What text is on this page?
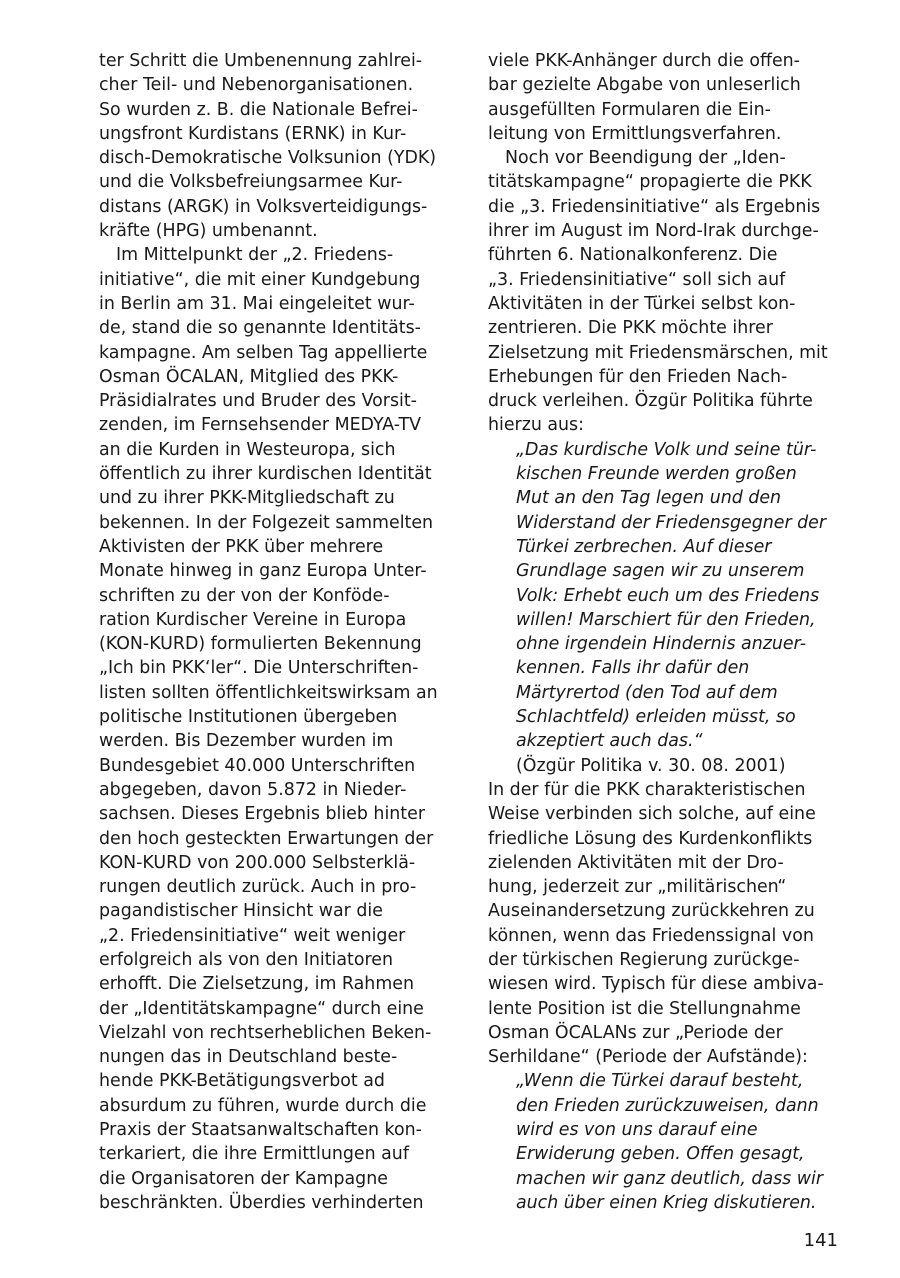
ter Schritt die Umbenennung zahlrei-
cher Teil- und Nebenorganisationen.
So wurden z. B. die Nationale Befrei-
ungsfront Kurdistans (ERNK) in Kur-
disch-Demokratische Volksunion (YDK)
und die Volksbefreiungsarmee Kur-
distans (ARGK) in Volksverteidigungs-
kräfte (HPG) umbenannt.
Im Mittelpunkt der „2. Friedens-
initiative“, die mit einer Kundgebung
in Berlin am 31. Mai eingeleitet wur-
de, stand die so genannte Identitäts-
kampagne. Am selben Tag appellierte
Osman ÖCALAN, Mitglied des PKK-
Präsidialrates und Bruder des Vorsit-
zenden, im Fernsehsender MEDYA-TV
an die Kurden in Westeuropa, sich
öffentlich zu ihrer kurdischen Identität
und zu ihrer PKK-Mitgliedschaft zu
bekennen. In der Folgezeit sammelten
Aktivisten der PKK über mehrere
Monate hinweg in ganz Europa Unter-
schriften zu der von der Konföde-
ration Kurdischer Vereine in Europa
(KON-KURD) formulierten Bekennung
„Ich bin PKK‘ler“. Die Unterschriften-
listen sollten öffentlichkeitswirksam an
politische Institutionen übergeben
werden. Bis Dezember wurden im
Bundesgebiet 40.000 Unterschriften
abgegeben, davon 5.872 in Nieder-
sachsen. Dieses Ergebnis blieb hinter
den hoch gesteckten Erwartungen der
KON-KURD von 200.000 Selbsterklä-
rungen deutlich zurück. Auch in pro-
pagandistischer Hinsicht war die
„2. Friedensinitiative“ weit weniger
erfolgreich als von den Initiatoren
erhofft. Die Zielsetzung, im Rahmen
der „Identitätskampagne“ durch eine
Vielzahl von rechtserheblichen Beken-
nungen das in Deutschland beste-
hende PKK-Betätigungsverbot ad
absurdum zu führen, wurde durch die
Praxis der Staatsanwaltschaften kon-
terkariert, die ihre Ermittlungen auf
die Organisatoren der Kampagne
beschränkten. Überdies verhinderten
viele PKK-Anhänger durch die offen-
bar gezielte Abgabe von unleserlich
ausgefüllten Formularen die Ein-
leitung von Ermittlungsverfahren.
Noch vor Beendigung der „Iden-
titätskampagne“ propagierte die PKK
die „3. Friedensinitiative“ als Ergebnis
ihrer im August im Nord-Irak durchge-
führten 6. Nationalkonferenz. Die
„3. Friedensinitiative“ soll sich auf
Aktivitäten in der Türkei selbst kon-
zentrieren. Die PKK möchte ihrer
Zielsetzung mit Friedensmärschen, mit
Erhebungen für den Frieden Nach-
druck verleihen. Özgür Politika führte
hierzu aus:
„Das kurdische Volk und seine tür-
kischen Freunde werden großen
Mut an den Tag legen und den
Widerstand der Friedensgegner der
Türkei zerbrechen. Auf dieser
Grundlage sagen wir zu unserem
Volk: Erhebt euch um des Friedens
willen! Marschiert für den Frieden,
ohne irgendein Hindernis anzuer-
kennen. Falls ihr dafür den
Märtyrertod (den Tod auf dem
Schlachtfeld) erleiden müsst, so
akzeptiert auch das.“
(Özgür Politika v. 30. 08. 2001)
In der für die PKK charakteristischen
Weise verbinden sich solche, auf eine
friedliche Lösung des Kurdenkonflikts
zielenden Aktivitäten mit der Dro-
hung, jederzeit zur „militärischen“
Auseinandersetzung zurückkehren zu
können, wenn das Friedenssignal von
der türkischen Regierung zurückge-
wiesen wird. Typisch für diese ambiva-
lente Position ist die Stellungnahme
Osman ÖCALANs zur „Periode der
Serhildane“ (Periode der Aufstände):
„Wenn die Türkei darauf besteht,
den Frieden zurückzuweisen, dann
wird es von uns darauf eine
Erwiderung geben. Offen gesagt,
machen wir ganz deutlich, dass wir
auch über einen Krieg diskutieren.
141
